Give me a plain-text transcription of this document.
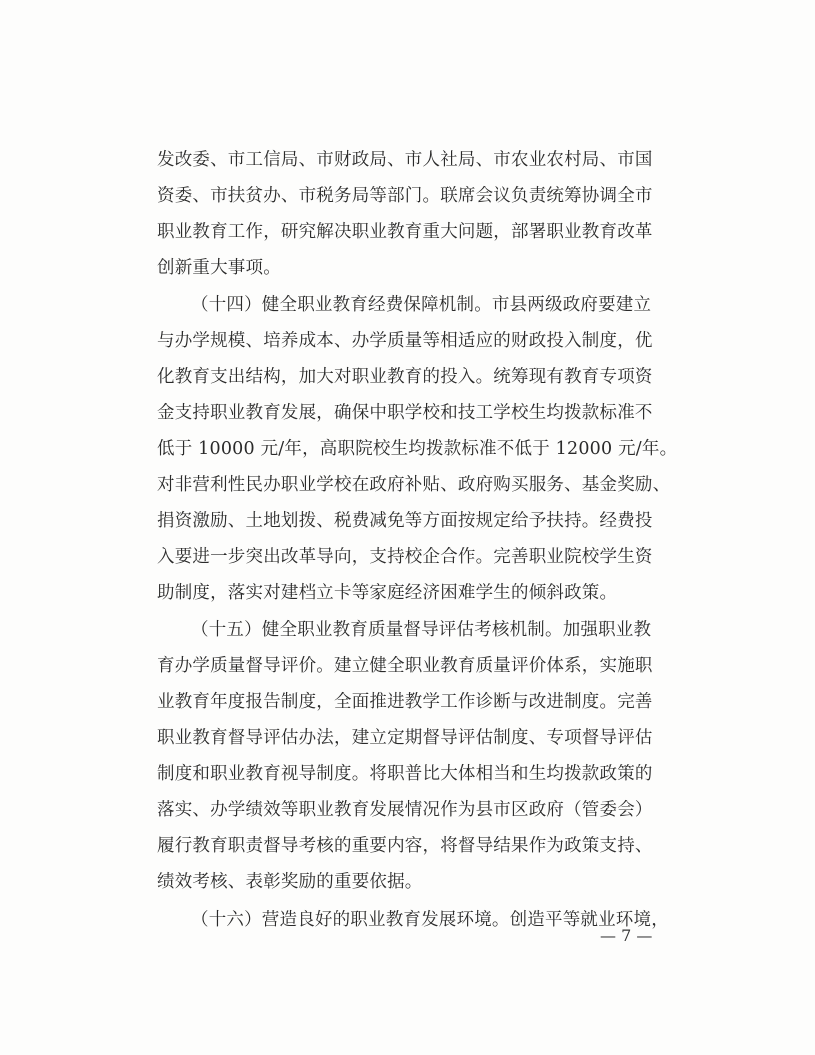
发改委、市工信局、市财政局、市人社局、市农业农村局、市国
资委、市扶贫办、市税务局等部门。联席会议负责统筹协调全市
职业教育工作，研究解决职业教育重大问题，部署职业教育改革
创新重大事项。
（十四）健全职业教育经费保障机制。市县两级政府要建立
与办学规模、培养成本、办学质量等相适应的财政投入制度，优
化教育支出结构，加大对职业教育的投入。统筹现有教育专项资
金支持职业教育发展，确保中职学校和技工学校生均拨款标准不
低于 10000 元/年，高职院校生均拨款标准不低于 12000 元/年。
对非营利性民办职业学校在政府补贴、政府购买服务、基金奖励、
捐资激励、土地划拨、税费减免等方面按规定给予扶持。经费投
入要进一步突出改革导向，支持校企合作。完善职业院校学生资
助制度，落实对建档立卡等家庭经济困难学生的倾斜政策。
（十五）健全职业教育质量督导评估考核机制。加强职业教
育办学质量督导评价。建立健全职业教育质量评价体系，实施职
业教育年度报告制度，全面推进教学工作诊断与改进制度。完善
职业教育督导评估办法，建立定期督导评估制度、专项督导评估
制度和职业教育视导制度。将职普比大体相当和生均拨款政策的
落实、办学绩效等职业教育发展情况作为县市区政府（管委会）
履行教育职责督导考核的重要内容，将督导结果作为政策支持、
绩效考核、表彰奖励的重要依据。
（十六）营造良好的职业教育发展环境。创造平等就业环境，
— 7 —
